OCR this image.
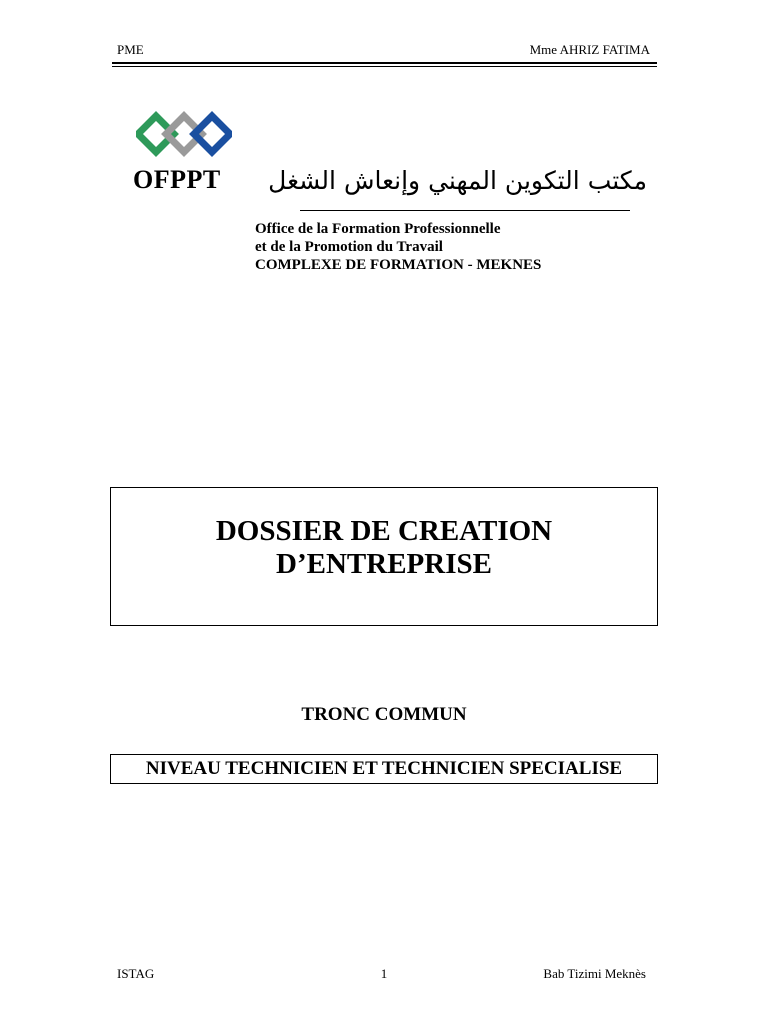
PME	Mme AHRIZ FATIMA
OFPPT	مكتب التكوين المهني وإنعاش الشغل
Office de la Formation Professionnelle
et de la Promotion du Travail
COMPLEXE DE FORMATION - MEKNES
DOSSIER DE CREATION
D’ENTREPRISE
TRONC COMMUN
NIVEAU TECHNICIEN ET TECHNICIEN SPECIALISE
ISTAG	1	Bab Tizimi Meknès
